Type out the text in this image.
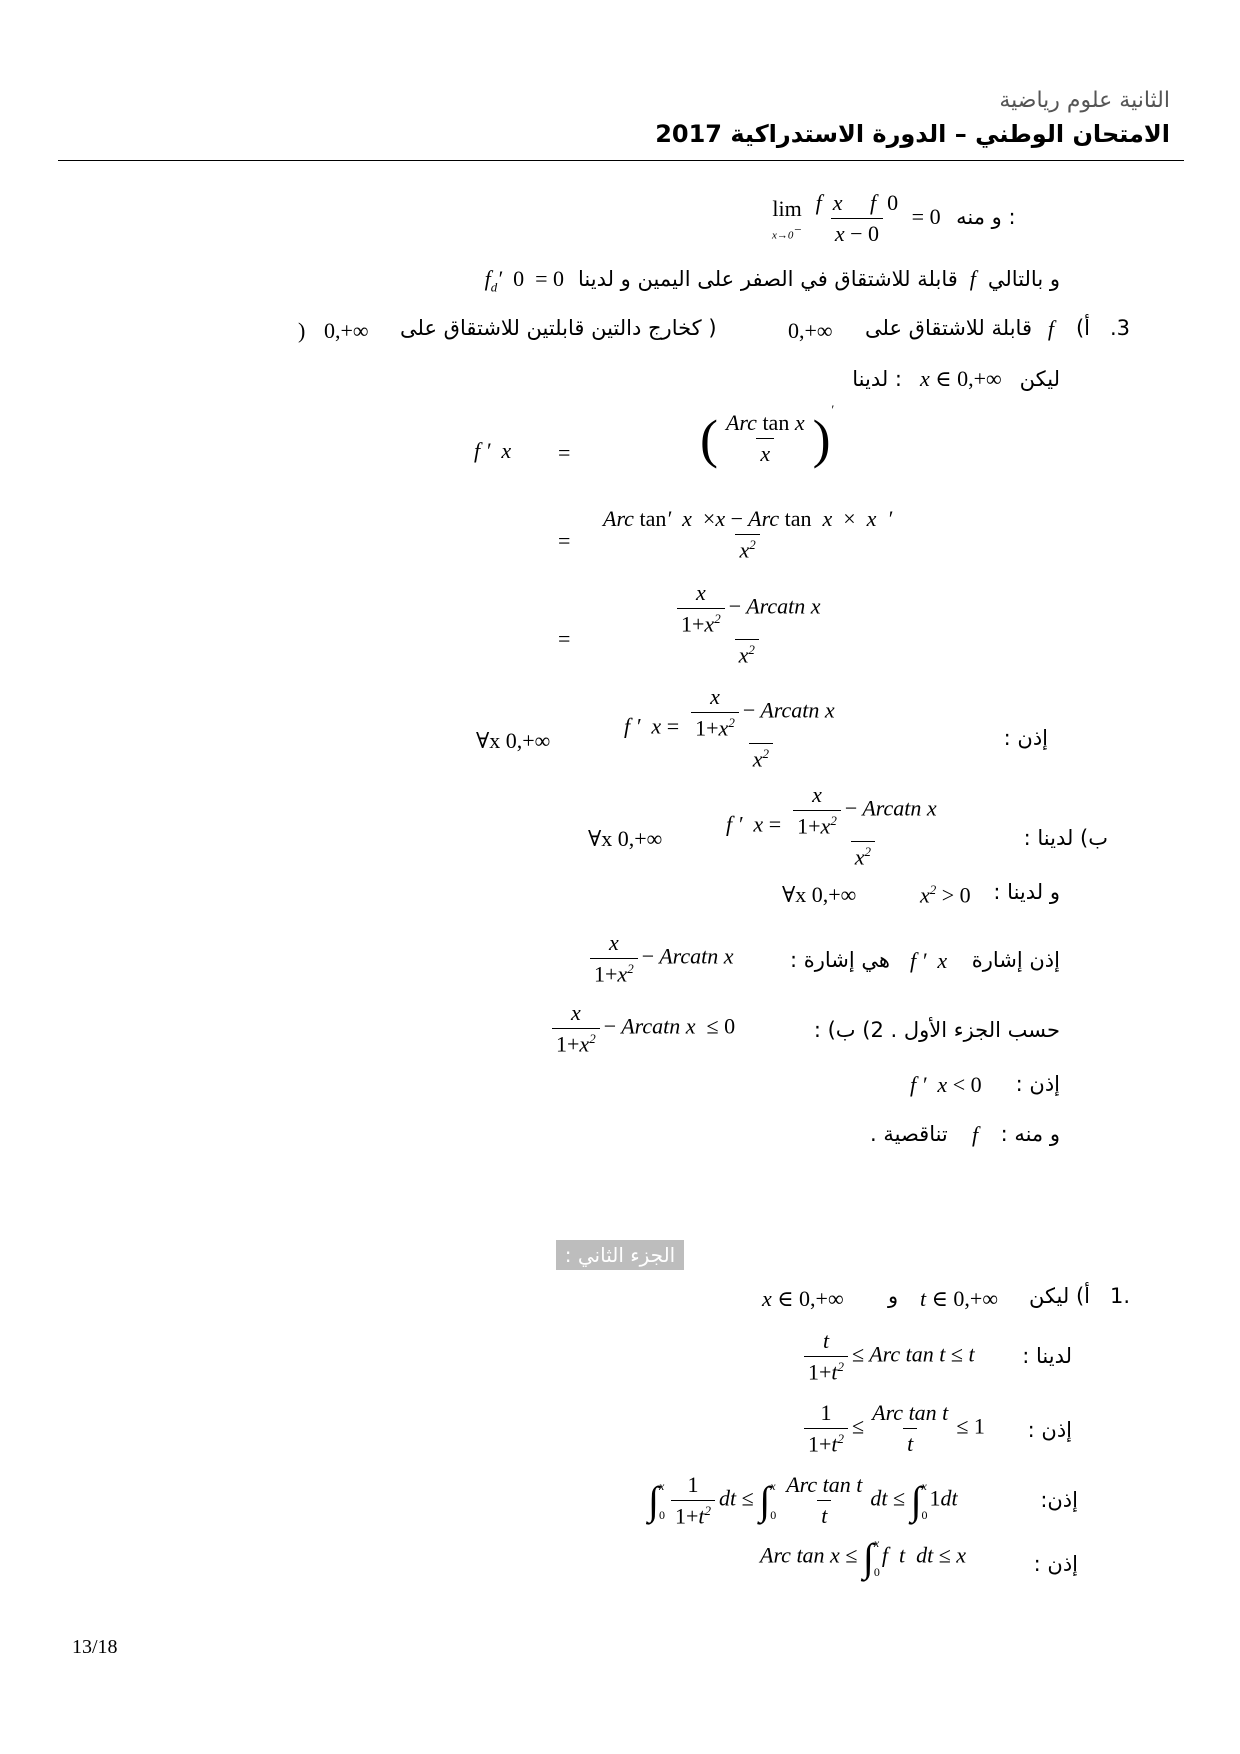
الثانية علوم رياضية
الامتحان الوطني – الدورة الاستدراكية 2017
lim
x→0−
$\frac{\text{f  x     f  0}}{x - 0} = 0$ و منه :
و بالتالي f قابلة للاشتقاق في الصفر على اليمين و لدينا $f_d'$  0  = 0
3.
أ)
f
قابلة للاشتقاق على
0,+∞
( كخارج دالتين قابلتين للاشتقاق على
0,+∞
)
ليكن x ∈ 0,+∞ : لدينا
f ′  x = ( $\frac{\text{Arc tan x}}{x} )'$
= $\frac{\text{Arc tan′  x  ×x − Arc tan  x  ×  x  ′}}{x^2}$
=	$\frac{\frac{x}{1+x^2} - Arcatn x}{x^2}$
∀x 0,+∞
f ′  $x = \frac{\frac{x}{1+x^2} - Arcatn x}{x^2}$	إذن :
∀x 0,+∞
f ′  $x = \frac{\frac{x}{1+x^2} - Arcatn x}{x^2}$	ب) لدينا :
∀x 0,+∞	$x^2 > 0$ و لدينا :
$\frac{x}{1+x^2}$ − Arcatn x	هي إشارة : f ′  x إذن إشارة
$\frac{x}{1+x^2}$ − Arcatn x ≤ 0	حسب الجزء الأول . 2) ب) :
f ′  x < 0 إذن :
تناقصية . f و منه :
الجزء الثاني :
.1
أ) ليكن
t ∈ 0,+∞
و
x ∈ 0,+∞
$\frac{t}{1+t^2}$ ≤ Arc tan t ≤ t لدينا :
$\frac{1}{1+t^2} \le \frac{\text{Arc tan t}}{t} \le 1$ إذن :
∫ x
$0 \frac{1}{1+t^2}$ dt ≤ ∫ x
$0 \frac{\text{Arc tan t}}{t}$ dt ≤ ∫ x
0
1dt	إذن:
Arc tan x ≤ ∫ x
0
f  t  dt ≤ x	إذن :
13/18
